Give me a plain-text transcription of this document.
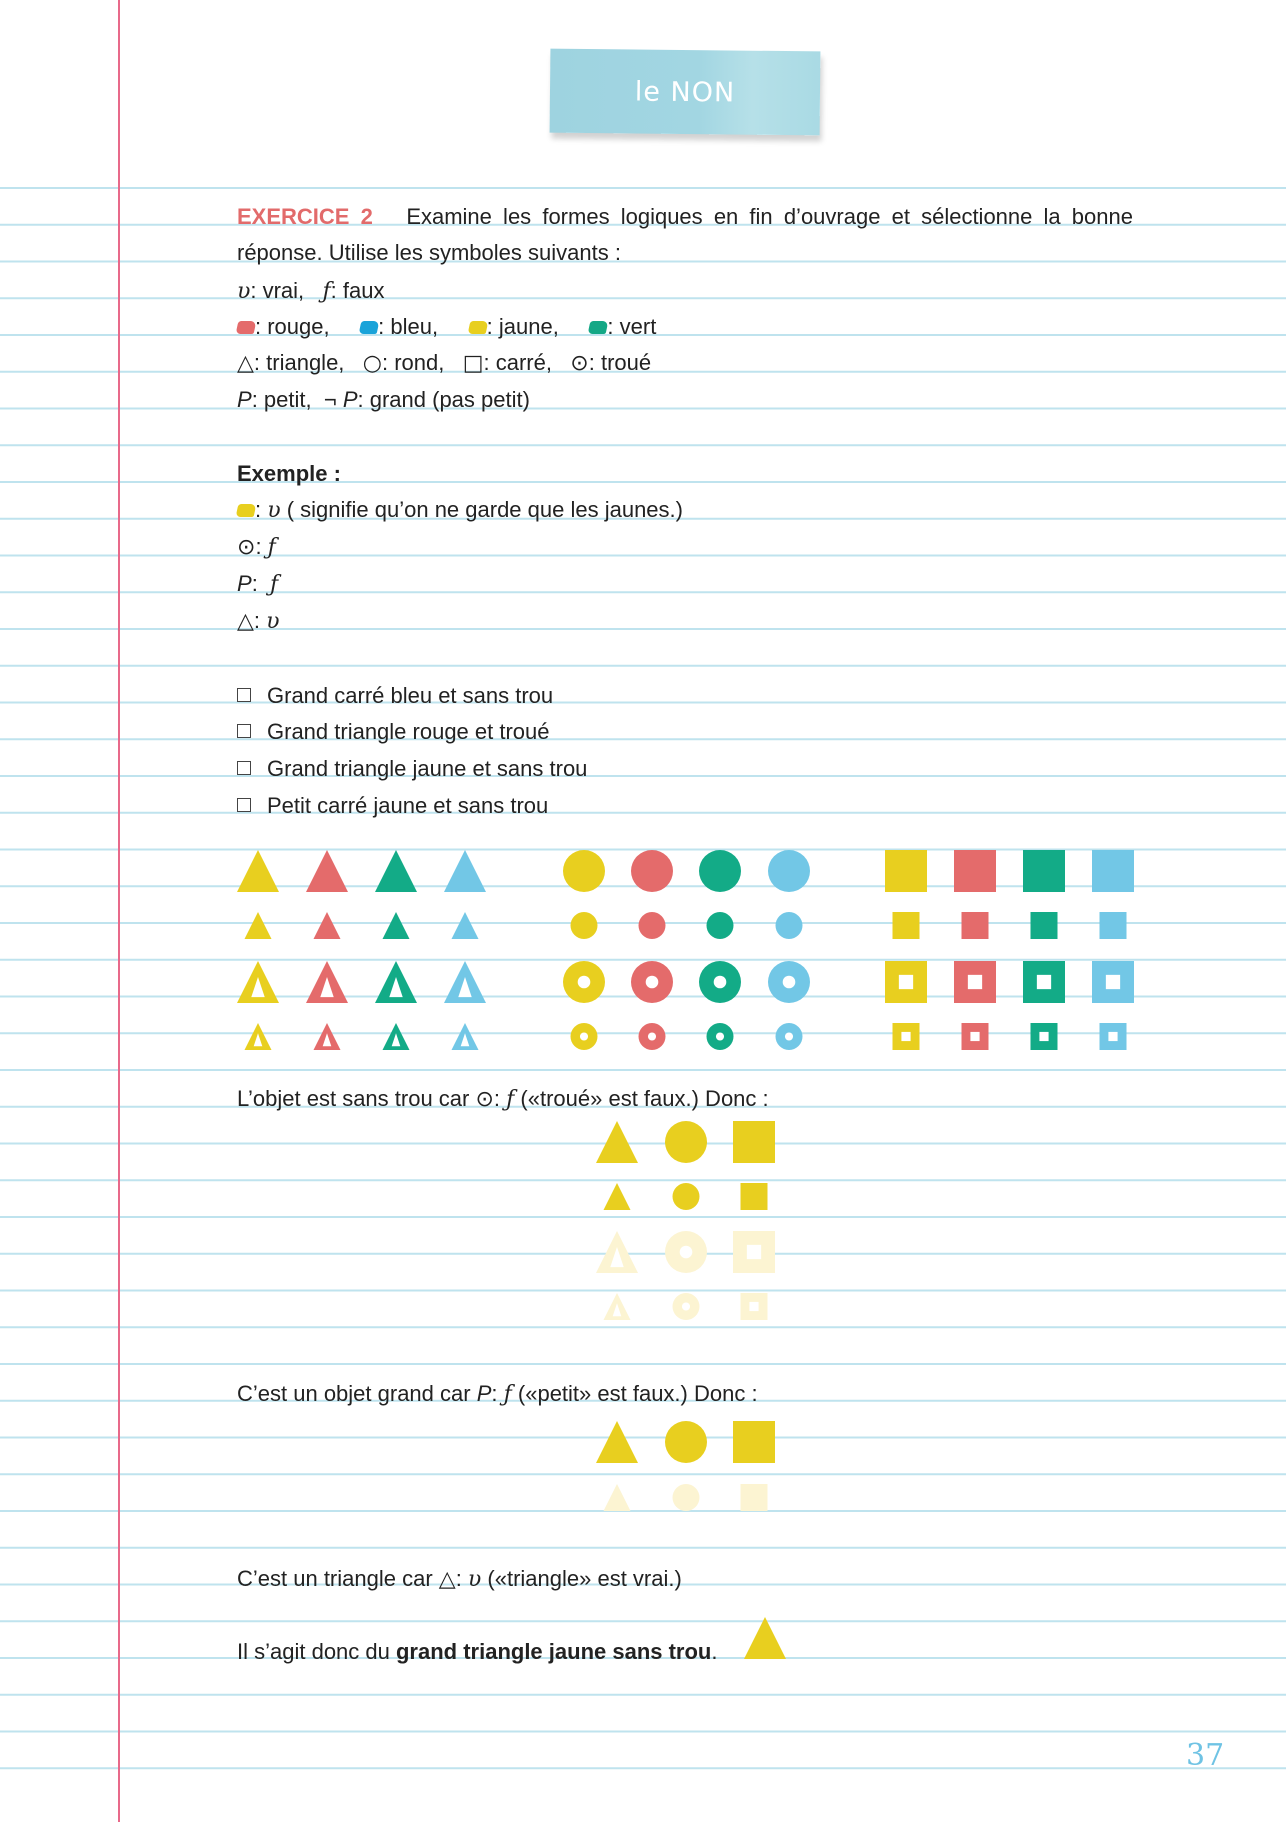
le NON
EXERCICE 2 Examine les formes logiques en fin d’ouvrage et sélectionne la bonne
réponse. Utilise les symboles suivants :
𝜐: vrai, ƒ: faux
: rouge, : bleu, : jaune, : vert
△: triangle, ○: rond, □: carré, ⊙: troué
P: petit, ¬ P: grand (pas petit)
Exemple :
: 𝜐 ( signifie qu’on ne garde que les jaunes.)
⊙: ƒ
P:  ƒ
△: 𝜐
Grand carré bleu et sans trou
Grand triangle rouge et troué
Grand triangle jaune et sans trou
Petit carré jaune et sans trou
L’objet est sans trou car ⊙: ƒ («troué» est faux.) Donc :
C’est un objet grand car P: ƒ («petit» est faux.) Donc :
C’est un triangle car △: 𝜐 («triangle» est vrai.)
Il s’agit donc du grand triangle jaune sans trou.
37
